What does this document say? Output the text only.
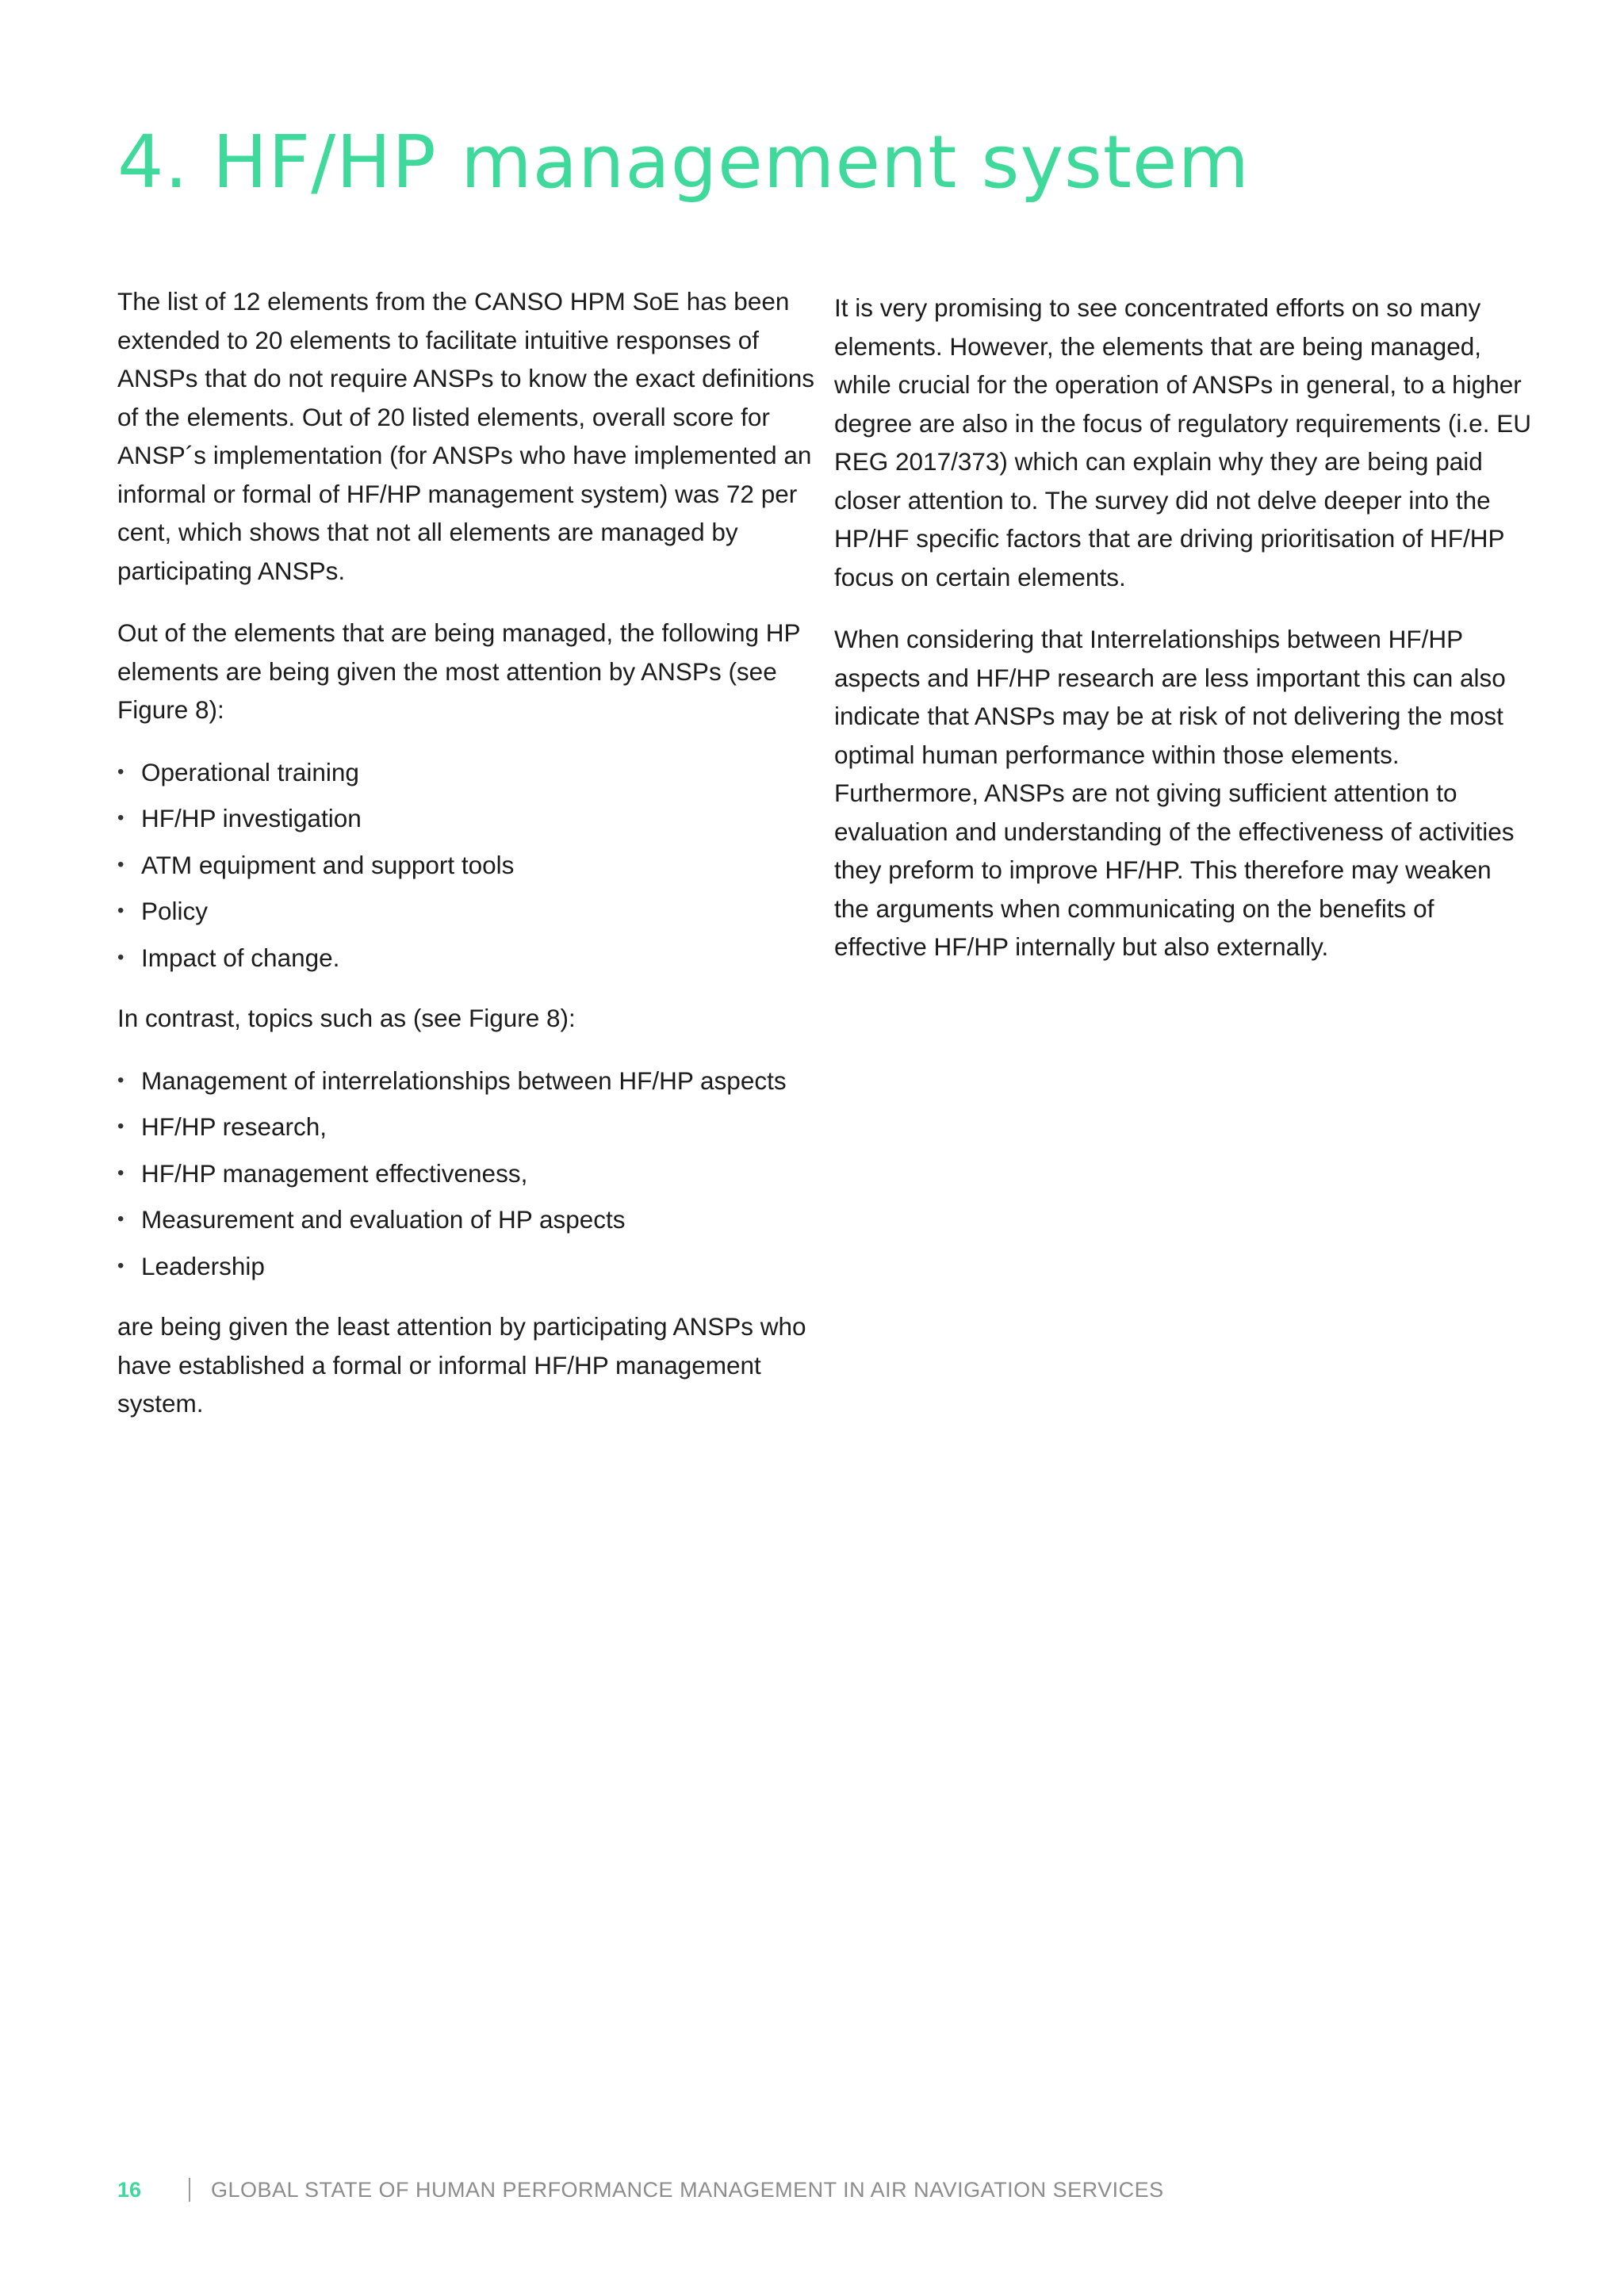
4. HF/HP management system

The list of 12 elements from the CANSO HPM SoE has been extended to 20 elements to facilitate intuitive responses of ANSPs that do not require ANSPs to know the exact definitions of the elements. Out of 20 listed elements, overall score for ANSP´s implementation (for ANSPs who have implemented an informal or formal of HF/HP management system) was 72 per cent, which shows that not all elements are managed by participating ANSPs.

Out of the elements that are being managed, the following HP elements are being given the most attention by ANSPs (see Figure 8):

• Operational training
• HF/HP investigation
• ATM equipment and support tools
• Policy
• Impact of change.

In contrast, topics such as (see Figure 8):

• Management of interrelationships between HF/HP aspects
• HF/HP research,
• HF/HP management effectiveness,
• Measurement and evaluation of HP aspects
• Leadership

are being given the least attention by participating ANSPs who have established a formal or informal HF/HP management system.

It is very promising to see concentrated efforts on so many elements. However, the elements that are being managed, while crucial for the operation of ANSPs in general, to a higher degree are also in the focus of regulatory requirements (i.e. EU REG 2017/373) which can explain why they are being paid closer attention to. The survey did not delve deeper into the HP/HF specific factors that are driving prioritisation of HF/HP focus on certain elements.

When considering that Interrelationships between HF/HP aspects and HF/HP research are less important this can also indicate that ANSPs may be at risk of not delivering the most optimal human performance within those elements. Furthermore, ANSPs are not giving sufficient attention to evaluation and understanding of the effectiveness of activities they preform to improve HF/HP. This therefore may weaken the arguments when communicating on the benefits of effective HF/HP internally but also externally.

16	GLOBAL STATE OF HUMAN PERFORMANCE MANAGEMENT IN AIR NAVIGATION SERVICES
